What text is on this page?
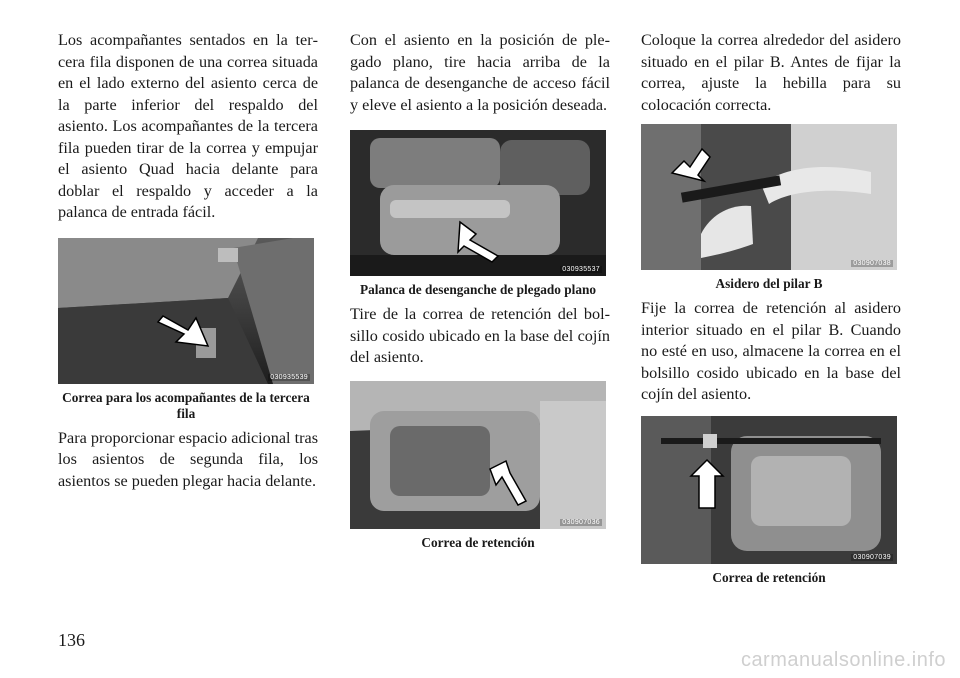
Los acompañantes sentados en la tercera fila disponen de una correa situada en el lado externo del asiento cerca de la parte inferior del respaldo del asiento. Los acompañantes de la tercera fila pueden tirar de la correa y empujar el asiento Quad hacia delante para doblar el respaldo y acceder a la palanca de entrada fácil.

030935539
Correa para los acompañantes de la tercera fila

Para proporcionar espacio adicional tras los asientos de segunda fila, los asientos se pueden plegar hacia delante.

Con el asiento en la posición de plegado plano, tire hacia arriba de la palanca de desenganche de acceso fácil y eleve el asiento a la posición deseada.

030935537
Palanca de desenganche de plegado plano

Tire de la correa de retención del bolsillo cosido ubicado en la base del cojín del asiento.

030907036
Correa de retención

Coloque la correa alrededor del asidero situado en el pilar B. Antes de fijar la correa, ajuste la hebilla para su colocación correcta.

030907038
Asidero del pilar B

Fije la correa de retención al asidero interior situado en el pilar B. Cuando no esté en uso, almacene la correa en el bolsillo cosido ubicado en la base del cojín del asiento.

030907039
Correa de retención
136
carmanualsonline.info
